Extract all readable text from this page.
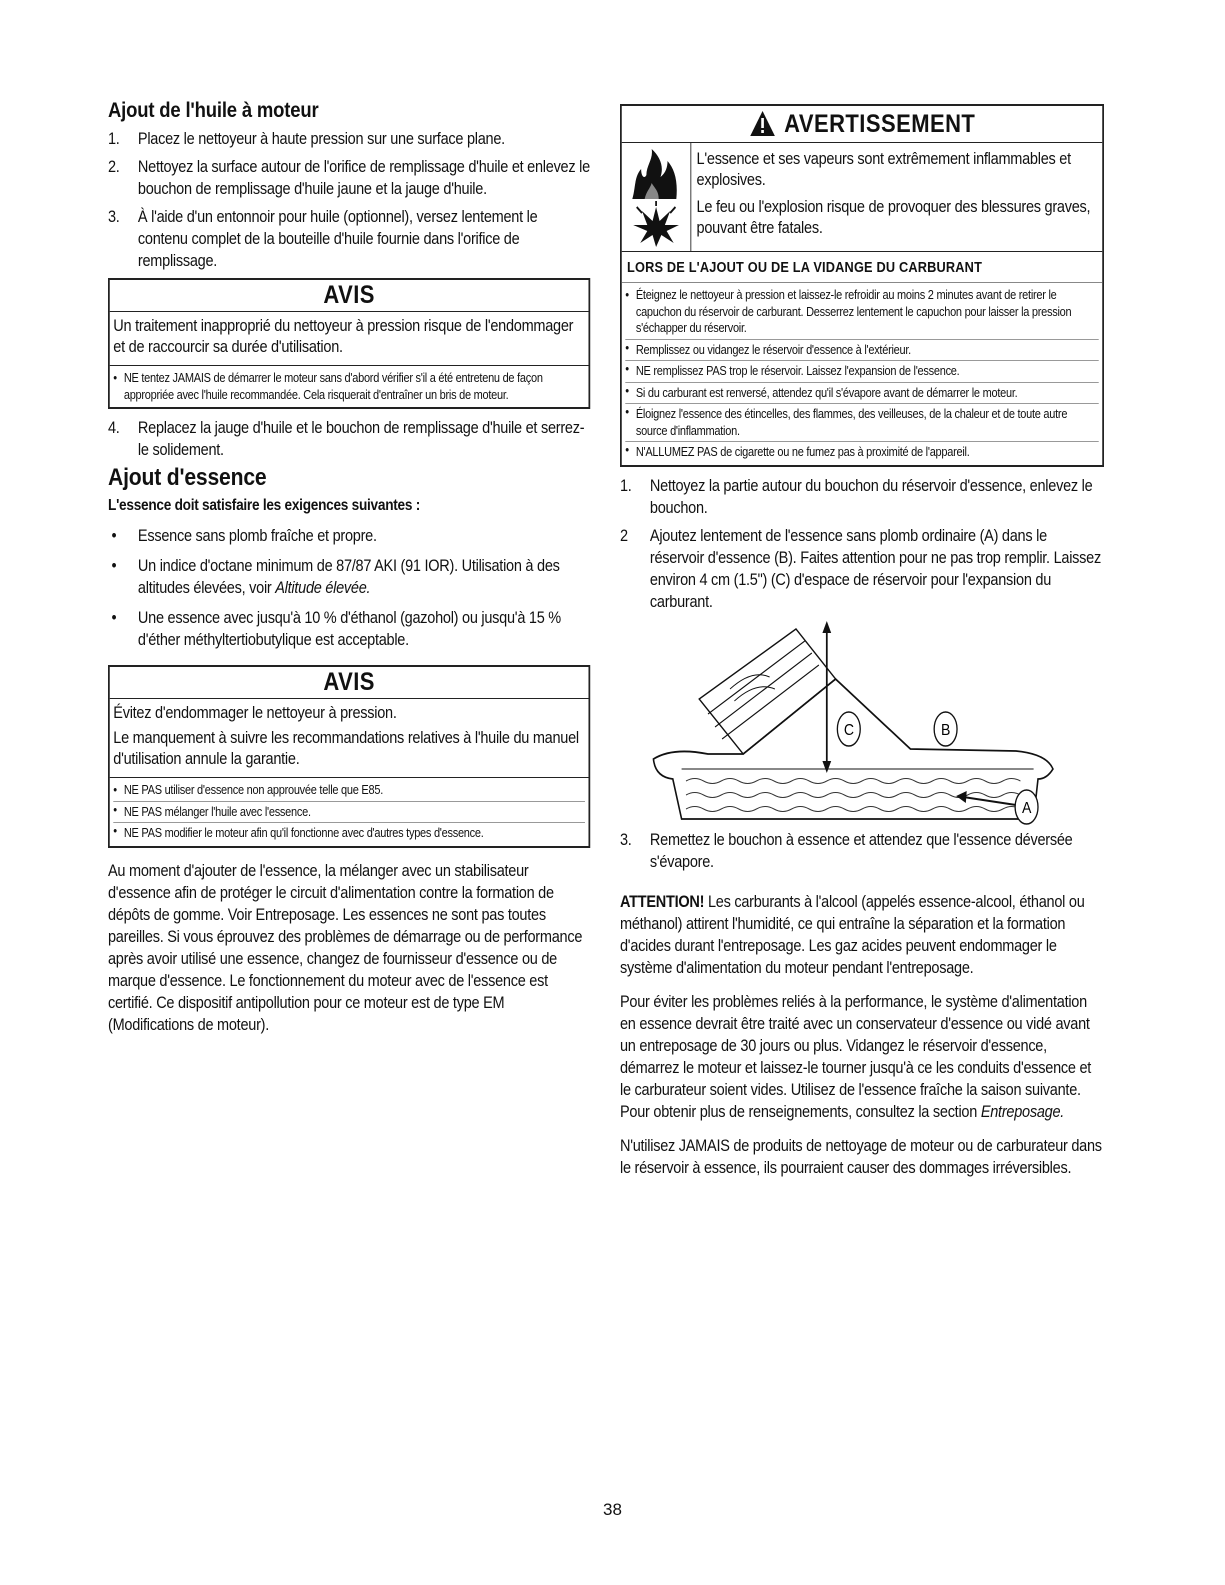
Ajout de l'huile à moteur
1. Placez le nettoyeur à haute pression sur une surface plane.
2. Nettoyez la surface autour de l'orifice de remplissage d'huile et enlevez le bouchon de remplissage d'huile jaune et la jauge d'huile.
3. À l'aide d'un entonnoir pour huile (optionnel), versez lentement le contenu complet de la bouteille d'huile fournie dans l'orifice de remplissage.
AVIS

Un traitement inapproprié du nettoyeur à pression risque de l'endommager et de raccourcir sa durée d'utilisation.

• NE tentez JAMAIS de démarrer le moteur sans d'abord vérifier s'il a été entretenu de façon appropriée avec l'huile recommandée. Cela risquerait d'entraîner un bris de moteur.
4. Replacez la jauge d'huile et le bouchon de remplissage d'huile et serrez-le solidement.
Ajout d'essence
L'essence doit satisfaire les exigences suivantes :
• Essence sans plomb fraîche et propre.
• Un indice d'octane minimum de 87/87 AKI (91 IOR). Utilisation à des altitudes élevées, voir Altitude élevée.
• Une essence avec jusqu'à 10 % d'éthanol (gazohol) ou jusqu'à 15 % d'éther méthyltertiobutylique est acceptable.
AVIS

Évitez d'endommager le nettoyeur à pression.

Le manquement à suivre les recommandations relatives à l'huile du manuel d'utilisation annule la garantie.

• NE PAS utiliser d'essence non approuvée telle que E85.
• NE PAS mélanger l'huile avec l'essence.
• NE PAS modifier le moteur afin qu'il fonctionne avec d'autres types d'essence.

Au moment d'ajouter de l'essence, la mélanger avec un stabilisateur d'essence afin de protéger le circuit d'alimentation contre la formation de dépôts de gomme. Voir Entreposage. Les essences ne sont pas toutes pareilles. Si vous éprouvez des problèmes de démarrage ou de performance après avoir utilisé une essence, changez de fournisseur d'essence ou de marque d'essence. Le fonctionnement du moteur avec de l'essence est certifié. Ce dispositif antipollution pour ce moteur est de type EM (Modifications de moteur).

AVERTISSEMENT

L'essence et ses vapeurs sont extrêmement inflammables et explosives.

Le feu ou l'explosion risque de provoquer des blessures graves, pouvant être fatales.

LORS DE L'AJOUT OU DE LA VIDANGE DU CARBURANT
• Éteignez le nettoyeur à pression et laissez-le refroidir au moins 2 minutes avant de retirer le capuchon du réservoir de carburant. Desserrez lentement le capuchon pour laisser la pression s'échapper du réservoir.
• Remplissez ou vidangez le réservoir d'essence à l'extérieur.
• NE remplissez PAS trop le réservoir. Laissez l'expansion de l'essence.
• Si du carburant est renversé, attendez qu'il s'évapore avant de démarrer le moteur.
• Éloignez l'essence des étincelles, des flammes, des veilleuses, de la chaleur et de toute autre source d'inflammation.
• N'ALLUMEZ PAS de cigarette ou ne fumez pas à proximité de l'appareil.
1. Nettoyez la partie autour du bouchon du réservoir d'essence, enlevez le bouchon.
2 Ajoutez lentement de l'essence sans plomb ordinaire (A) dans le réservoir d'essence (B). Faites attention pour ne pas trop remplir. Laissez environ 4 cm (1.5") (C) d'espace de réservoir pour l'expansion du carburant.
C	B
A
3. Remettez le bouchon à essence et attendez que l'essence déversée s'évapore.

ATTENTION! Les carburants à l'alcool (appelés essence-alcool, éthanol ou méthanol) attirent l'humidité, ce qui entraîne la séparation et la formation d'acides durant l'entreposage. Les gaz acides peuvent endommager le système d'alimentation du moteur pendant l'entreposage.

Pour éviter les problèmes reliés à la performance, le système d'alimentation en essence devrait être traité avec un conservateur d'essence ou vidé avant un entreposage de 30 jours ou plus. Vidangez le réservoir d'essence, démarrez le moteur et laissez-le tourner jusqu'à ce les conduits d'essence et le carburateur soient vides. Utilisez de l'essence fraîche la saison suivante. Pour obtenir plus de renseignements, consultez la section Entreposage.

N'utilisez JAMAIS de produits de nettoyage de moteur ou de carburateur dans le réservoir à essence, ils pourraient causer des dommages irréversibles.

38
